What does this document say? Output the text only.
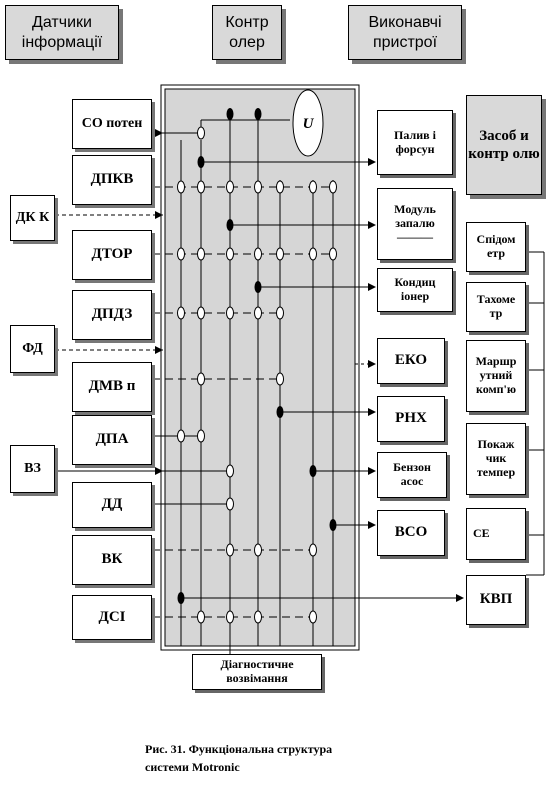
Датчики інформації
Контр олер
Виконавчі пристрої
Засоб и контр олю
U
СО потен
ДПКВ
ДК К
ДТОР
ДПДЗ
ФД
ДМВ п
ДПА
ВЗ
ДД
ВК
ДСІ
Палив і форсун
Модуль запалю ———
Кондиц іонер
ЕКО
РНХ
Бензон асос
ВСО
Спідом етр
Тахоме тр
Маршр утний комп'ю
Покаж чик темпер
CE
КВП
Діагностичне возвімання
Рис. 31. Функціональна структура
системи Motronic
